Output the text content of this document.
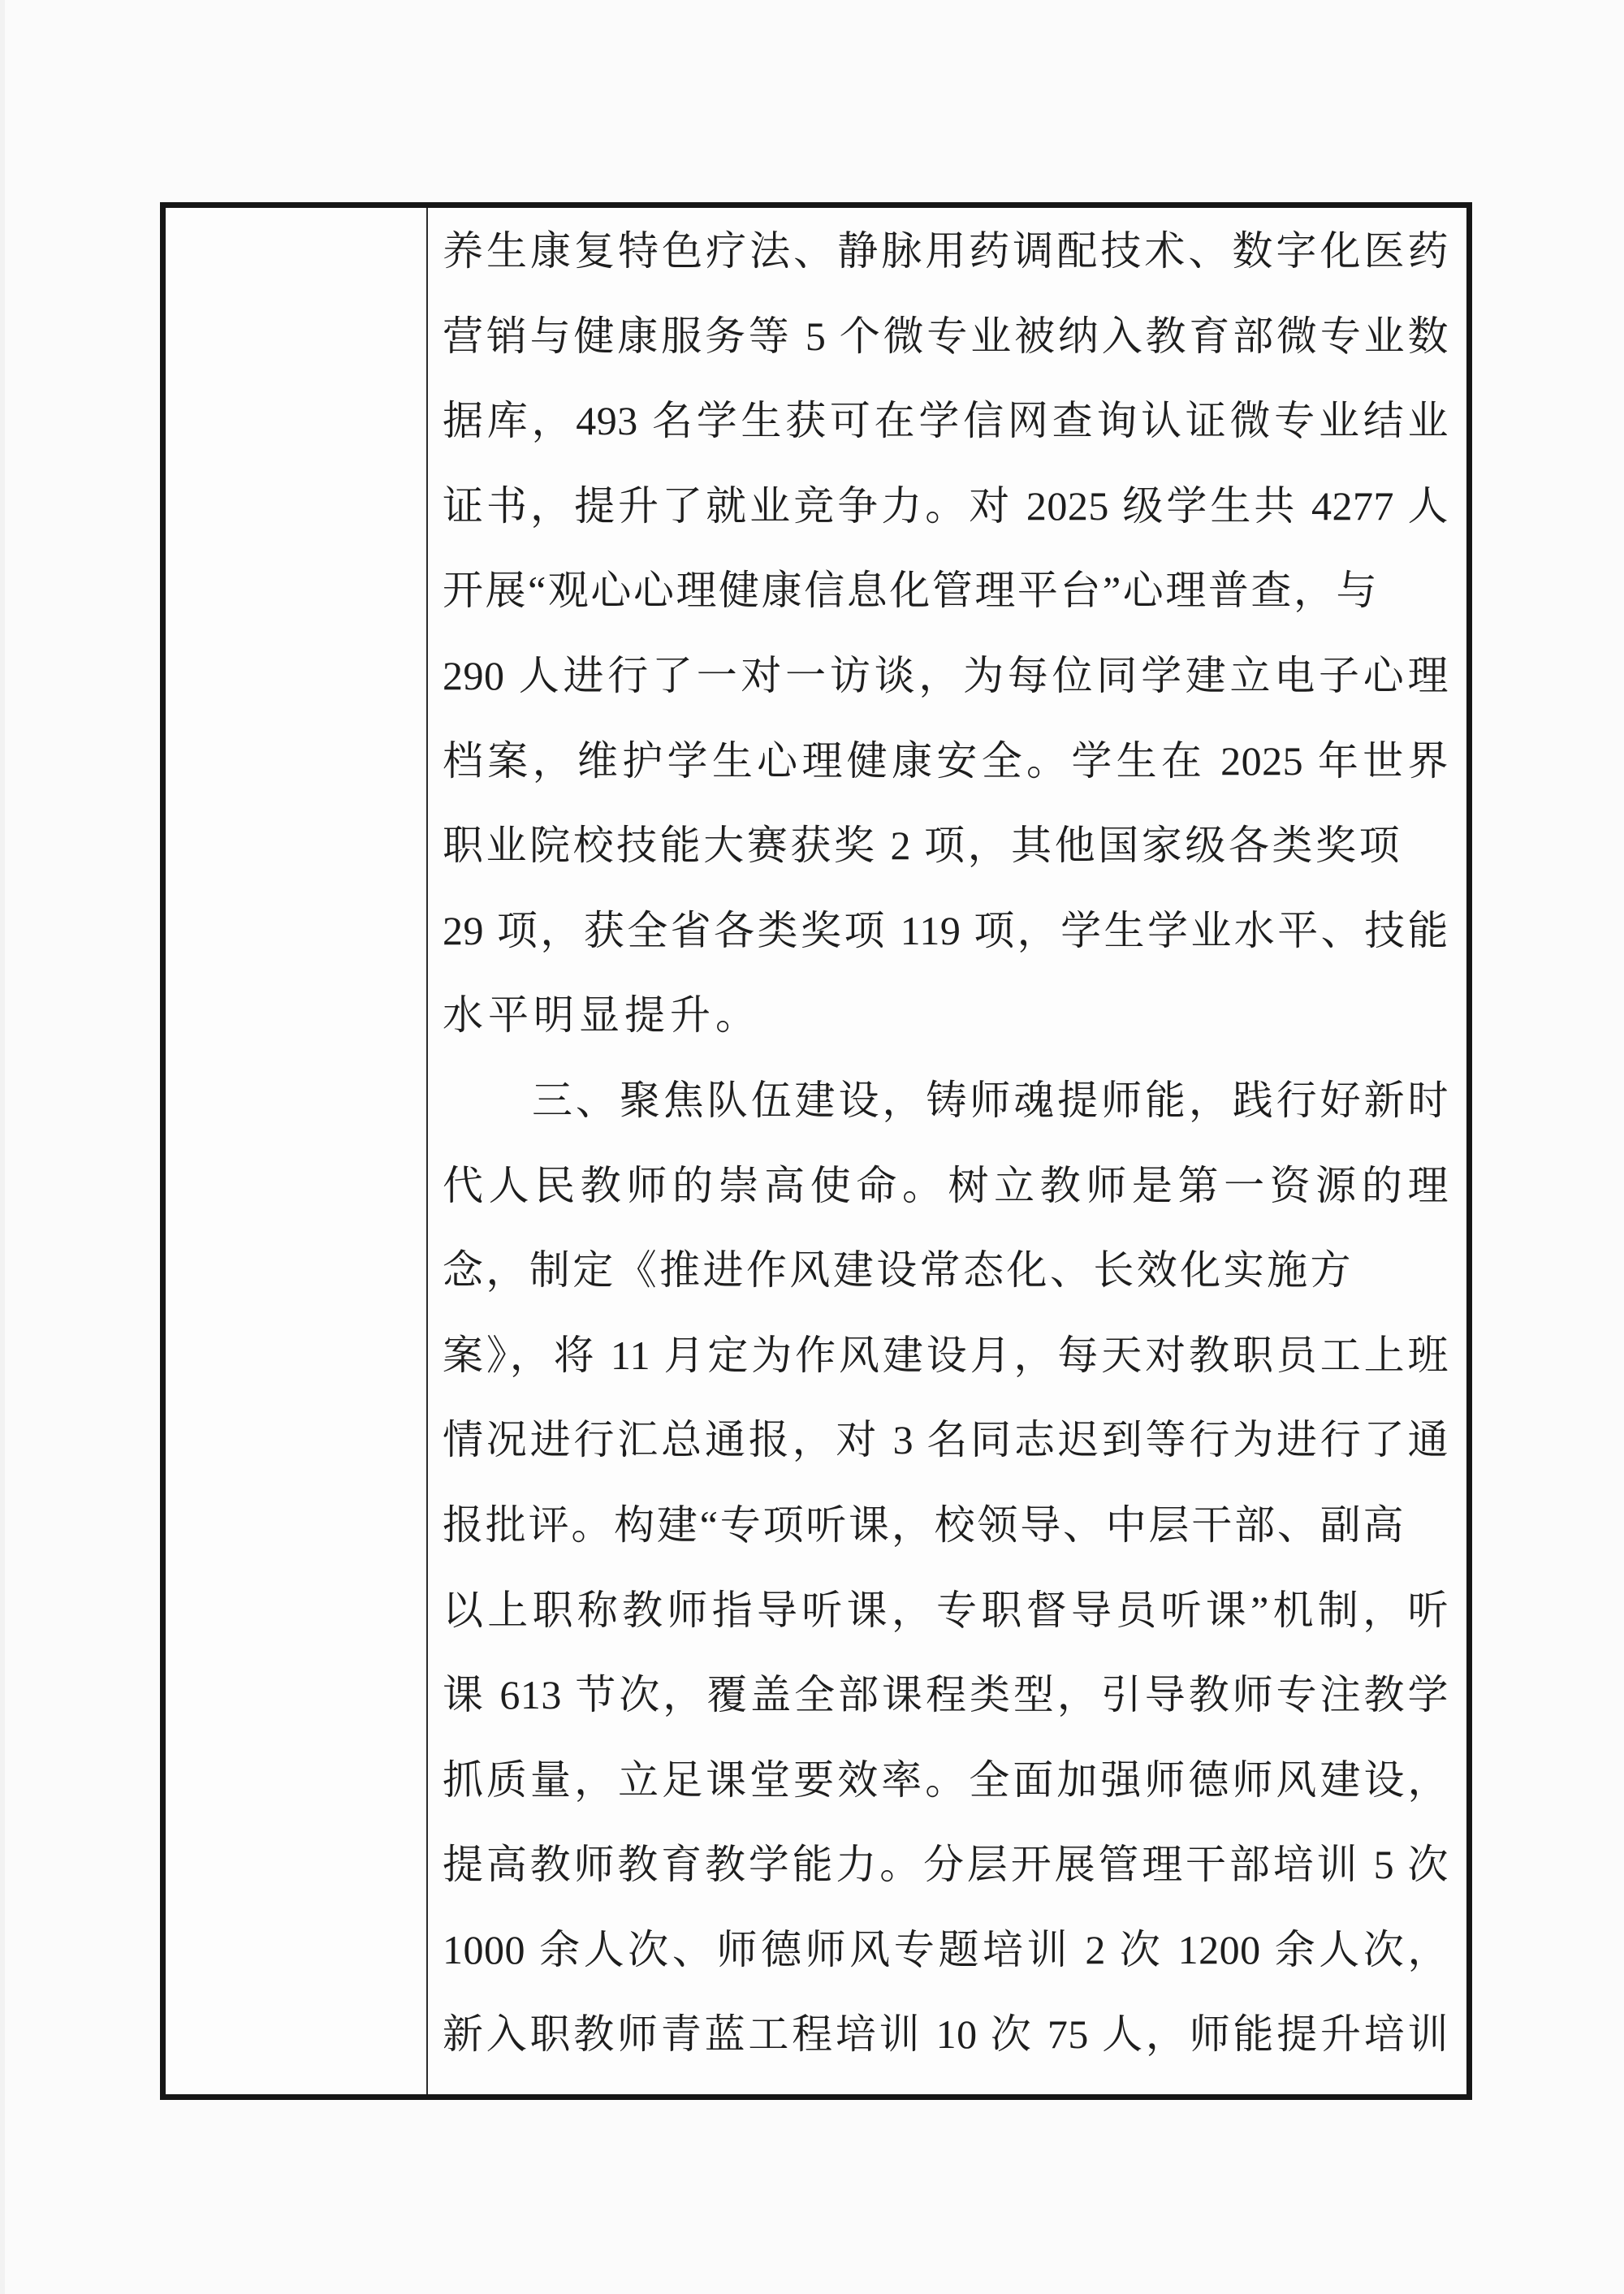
养生康复特色疗法、静脉用药调配技术、数字化医药
营销与健康服务等 5 个微专业被纳入教育部微专业数
据库，493 名学生获可在学信网查询认证微专业结业
证书，提升了就业竞争力。对 2025 级学生共 4277 人
开展“观心心理健康信息化管理平台”心理普查，与
290 人进行了一对一访谈，为每位同学建立电子心理
档案，维护学生心理健康安全。学生在 2025 年世界
职业院校技能大赛获奖 2 项，其他国家级各类奖项
29 项，获全省各类奖项 119 项，学生学业水平、技能
水平明显提升。
三、聚焦队伍建设，铸师魂提师能，践行好新时
代人民教师的崇高使命。树立教师是第一资源的理
念，制定《推进作风建设常态化、长效化实施方
案》，将 11 月定为作风建设月，每天对教职员工上班
情况进行汇总通报，对 3 名同志迟到等行为进行了通
报批评。构建“专项听课，校领导、中层干部、副高
以上职称教师指导听课，专职督导员听课”机制，听
课 613 节次，覆盖全部课程类型，引导教师专注教学
抓质量，立足课堂要效率。全面加强师德师风建设，
提高教师教育教学能力。分层开展管理干部培训 5 次
1000 余人次、师德师风专题培训 2 次 1200 余人次，
新入职教师青蓝工程培训 10 次 75 人，师能提升培训
